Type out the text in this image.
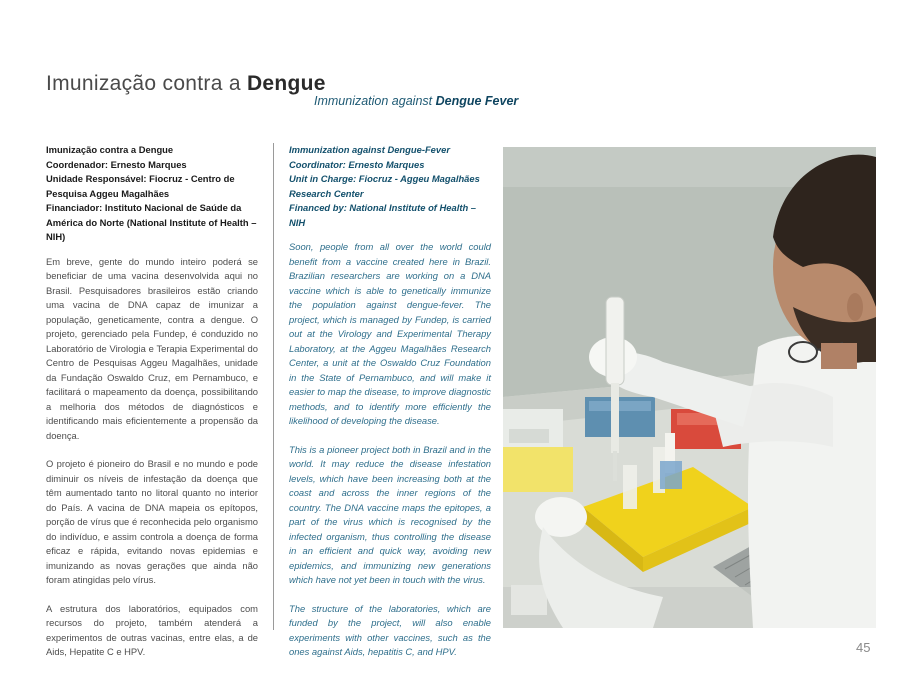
Imunização contra a Dengue
Immunization against Dengue Fever

Imunização contra a Dengue
Coordenador: Ernesto Marques
Unidade Responsável: Fiocruz - Centro de Pesquisa Aggeu Magalhães
Financiador: Instituto Nacional de Saúde da América do Norte (National Institute of Health – NIH)

Em breve, gente do mundo inteiro poderá se beneficiar de uma vacina desenvolvida aqui no Brasil. Pesquisadores brasileiros estão criando uma vacina de DNA capaz de imunizar a população, geneticamente, contra a dengue. O projeto, gerenciado pela Fundep, é conduzido no Laboratório de Virologia e Terapia Experimental do Centro de Pesquisas Aggeu Magalhães, unidade da Fundação Oswaldo Cruz, em Pernambuco, e facilitará o mapeamento da doença, possibilitando a melhoria dos métodos de diagnósticos e identificando mais eficientemente a propensão da doença.

O projeto é pioneiro do Brasil e no mundo e pode diminuir os níveis de infestação da doença que têm aumentado tanto no litoral quanto no interior do País. A vacina de DNA mapeia os epítopos, porção de vírus que é reconhecida pelo organismo do indivíduo, e assim controla a doença de forma eficaz e rápida, evitando novas epidemias e imunizando as novas gerações que ainda não foram atingidas pelo vírus.

A estrutura dos laboratórios, equipados com recursos do projeto, também atenderá a experimentos de outras vacinas, entre elas, a de Aids, Hepatite C e HPV.

Immunization against Dengue-Fever
Coordinator: Ernesto Marques
Unit in Charge: Fiocruz - Aggeu Magalhães Research Center
Financed by: National Institute of Health – NIH

Soon, people from all over the world could benefit from a vaccine created here in Brazil. Brazilian researchers are working on a DNA vaccine which is able to genetically immunize the population against dengue-fever. The project, which is managed by Fundep, is carried out at the Virology and Experimental Therapy Laboratory, at the Aggeu Magalhães Research Center, a unit at the Oswaldo Cruz Foundation in the State of Pernambuco, and will make it easier to map the disease, to improve diagnostic methods, and to identify more efficiently the likelihood of developing the disease.

This is a pioneer project both in Brazil and in the world. It may reduce the disease infestation levels, which have been increasing both at the coast and across the inner regions of the country. The DNA vaccine maps the epitopes, a part of the virus which is recognised by the infected organism, thus controlling the disease in an efficient and quick way, avoiding new epidemics, and immunizing new generations which have not yet been in touch with the virus.

The structure of the laboratories, which are funded by the project, will also enable experiments with other vaccines, such as the ones against Aids, hepatitis C, and HPV.	45
